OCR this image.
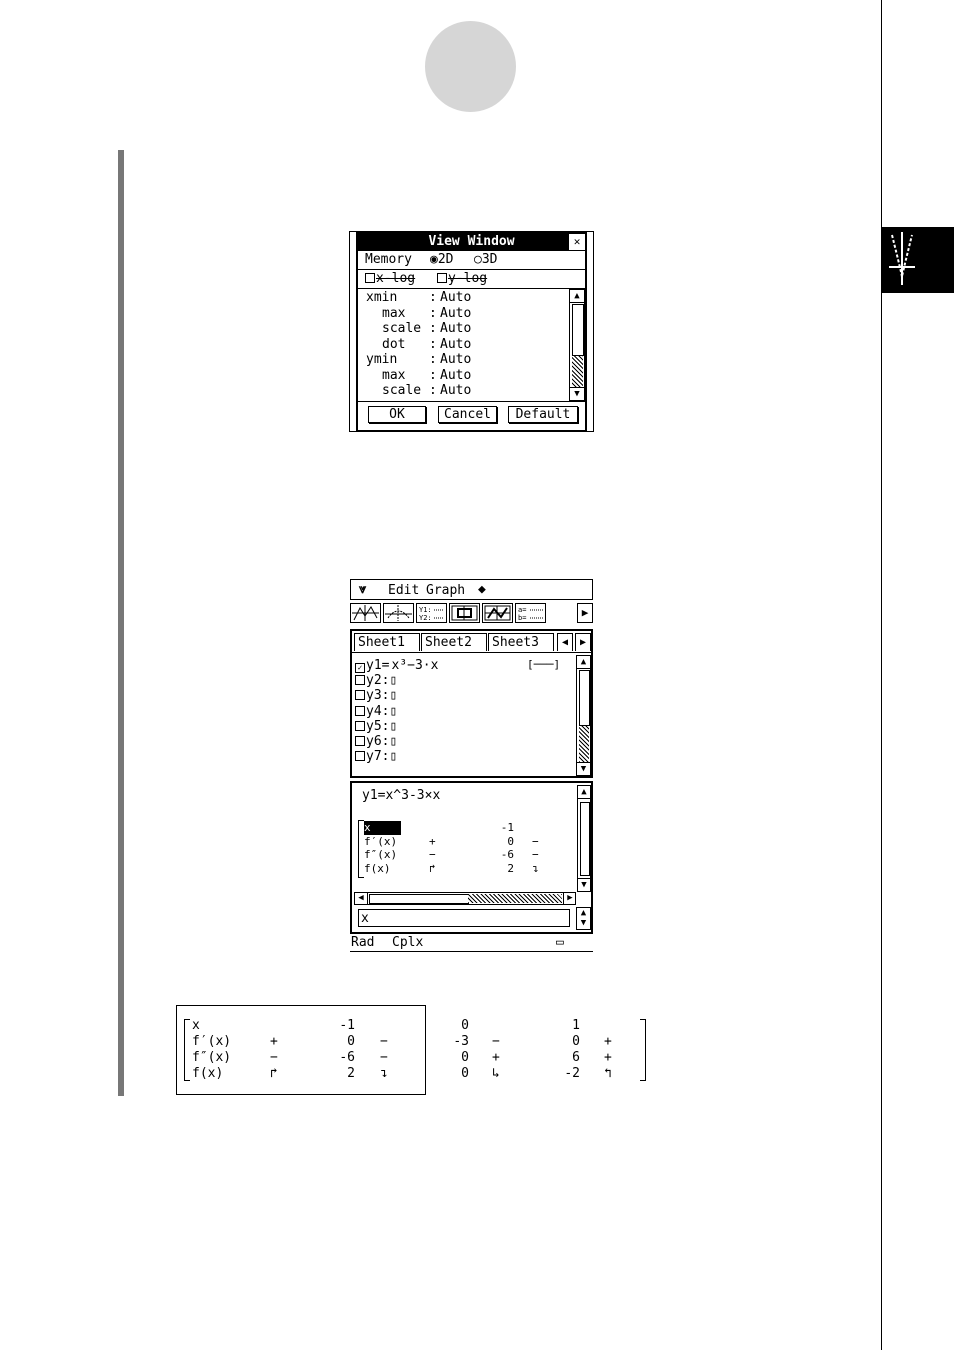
View Window	✕
Memory ◉2D ○3D
x-log	y-log
xmin : Auto
max : Auto
scale : Auto
dot : Auto
ymin : Auto
max : Auto
scale : Auto
▲
▼
OK	Cancel	Default
⩔ Edit Graph ◆
Y1:
Y2:
a=
b=	▶
Sheet1	Sheet2	Sheet3	◀	▶
✓ y1= x³−3·x
y2:▯
y3:▯
y4:▯
y5:▯
y6:▯
y7:▯
[───]	▲
▼
y1=x^3-3×x
x	-1
f′(x)	+	0 −
f″(x)	−	-6 −
f(x)	↱	2 ↴
▲
▼
◀	▶
x	▲
▼
Rad Cplx	▭
x	-1	0	1
f′(x)	+	0 −	-3 −	0 +
f″(x)	−	-6 −	0 +	6 +
f(x)	↱	2 ↴	0 ↳	-2 ↰
